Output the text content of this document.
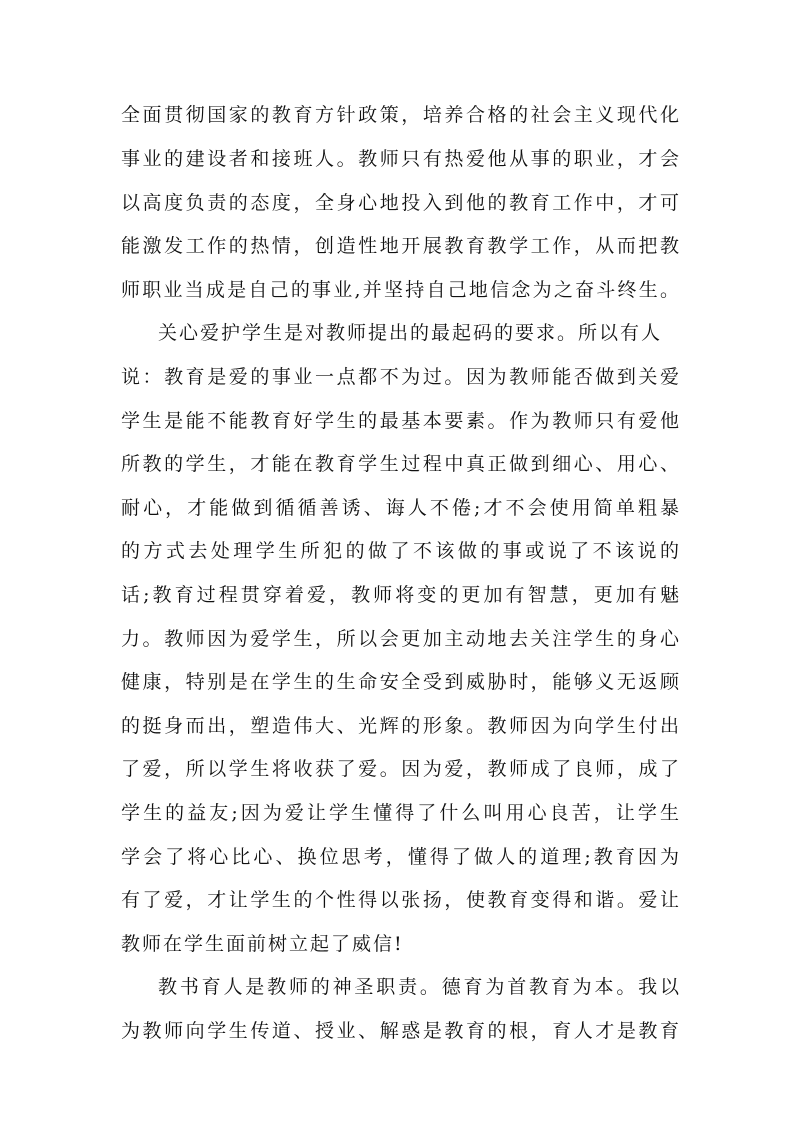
全面贯彻国家的教育方针政策，培养合格的社会主义现代化

事业的建设者和接班人。教师只有热爱他从事的职业，才会

以高度负责的态度，全身心地投入到他的教育工作中，才可

能激发工作的热情，创造性地开展教育教学工作，从而把教

师职业当成是自己的事业,并坚持自己地信念为之奋斗终生。

关心爱护学生是对教师提出的最起码的要求。所以有人

说：教育是爱的事业一点都不为过。因为教师能否做到关爱

学生是能不能教育好学生的最基本要素。作为教师只有爱他

所教的学生，才能在教育学生过程中真正做到细心、用心、

耐心，才能做到循循善诱、诲人不倦;才不会使用简单粗暴

的方式去处理学生所犯的做了不该做的事或说了不该说的

话;教育过程贯穿着爱，教师将变的更加有智慧，更加有魅

力。教师因为爱学生，所以会更加主动地去关注学生的身心

健康，特别是在学生的生命安全受到威胁时，能够义无返顾

的挺身而出，塑造伟大、光辉的形象。教师因为向学生付出

了爱，所以学生将收获了爱。因为爱，教师成了良师，成了

学生的益友;因为爱让学生懂得了什么叫用心良苦，让学生

学会了将心比心、换位思考，懂得了做人的道理;教育因为

有了爱，才让学生的个性得以张扬，使教育变得和谐。爱让

教师在学生面前树立起了威信!

教书育人是教师的神圣职责。德育为首教育为本。我以

为教师向学生传道、授业、解惑是教育的根，育人才是教育
